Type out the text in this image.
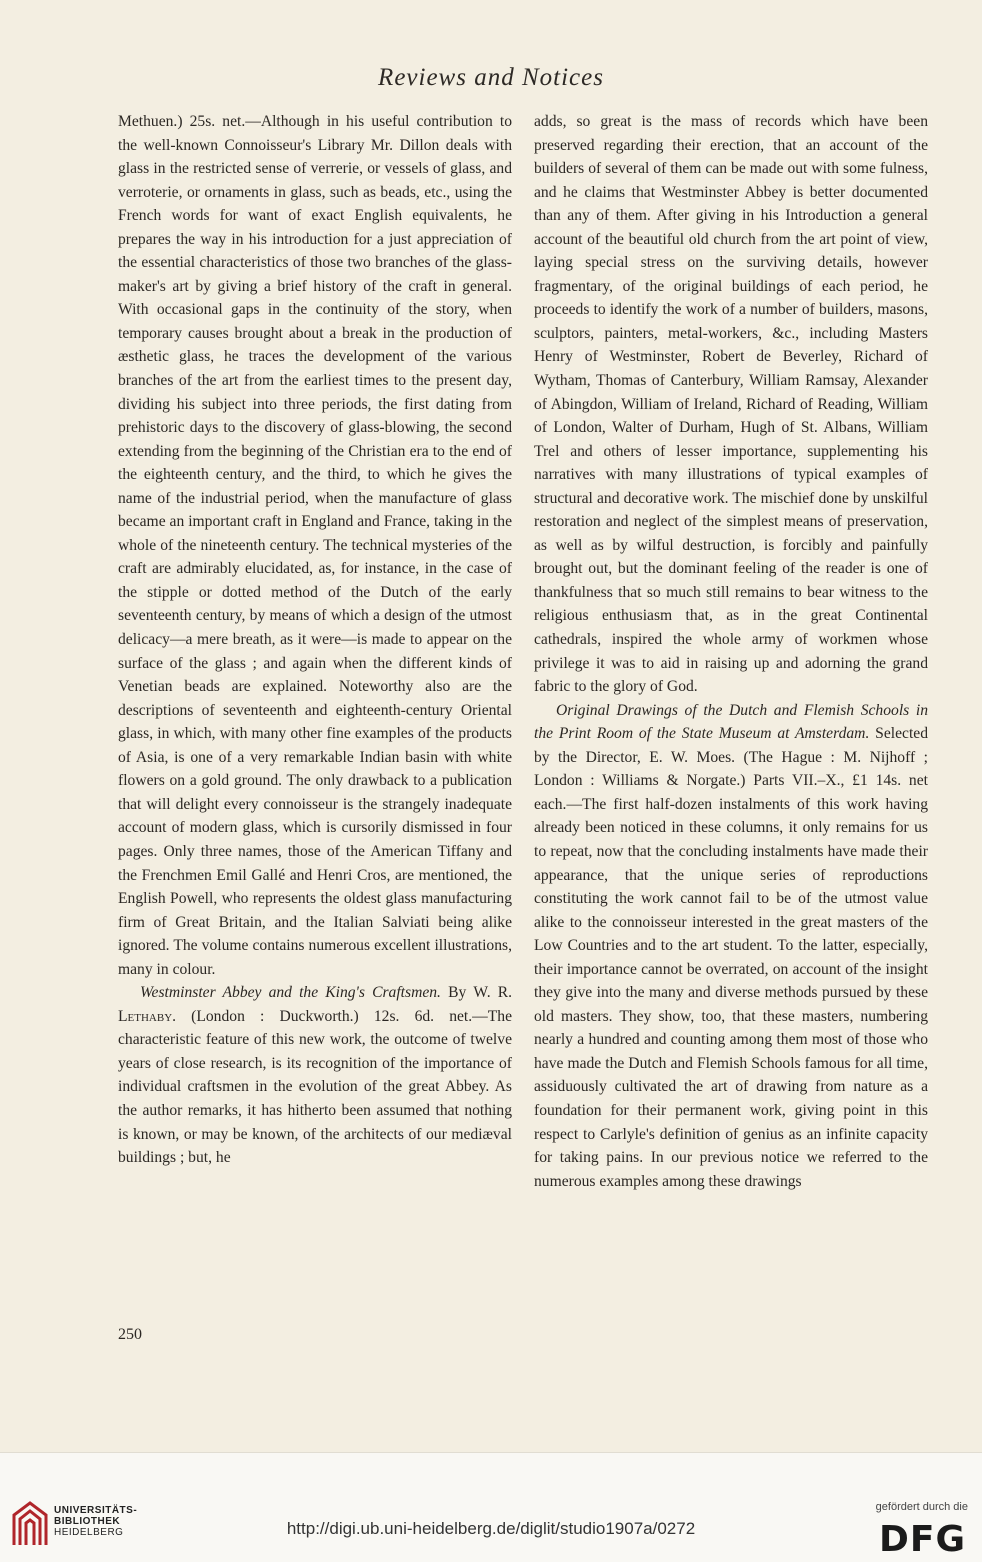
Reviews and Notices

Methuen.) 25s. net.—Although in his useful contribution to the well-known Connoisseur's Library Mr. Dillon deals with glass in the restricted sense of verrerie, or vessels of glass, and verroterie, or ornaments in glass, such as beads, etc., using the French words for want of exact English equivalents, he prepares the way in his introduction for a just appreciation of the essential characteristics of those two branches of the glass-maker's art by giving a brief history of the craft in general. With occasional gaps in the continuity of the story, when temporary causes brought about a break in the production of æsthetic glass, he traces the development of the various branches of the art from the earliest times to the present day, dividing his subject into three periods, the first dating from prehistoric days to the discovery of glass-blowing, the second extending from the beginning of the Christian era to the end of the eighteenth century, and the third, to which he gives the name of the industrial period, when the manufacture of glass became an important craft in England and France, taking in the whole of the nineteenth century. The technical mysteries of the craft are admirably elucidated, as, for instance, in the case of the stipple or dotted method of the Dutch of the early seventeenth century, by means of which a design of the utmost delicacy—a mere breath, as it were—is made to appear on the surface of the glass ; and again when the different kinds of Venetian beads are explained. Noteworthy also are the descriptions of seventeenth and eighteenth-century Oriental glass, in which, with many other fine examples of the products of Asia, is one of a very remarkable Indian basin with white flowers on a gold ground. The only drawback to a publication that will delight every connoisseur is the strangely inadequate account of modern glass, which is cursorily dismissed in four pages. Only three names, those of the American Tiffany and the Frenchmen Emil Gallé and Henri Cros, are mentioned, the English Powell, who represents the oldest glass manufacturing firm of Great Britain, and the Italian Salviati being alike ignored. The volume contains numerous excellent illustrations, many in colour.

Westminster Abbey and the King's Craftsmen. By W. R. Lethaby. (London : Duckworth.) 12s. 6d. net.—The characteristic feature of this new work, the outcome of twelve years of close research, is its recognition of the importance of individual craftsmen in the evolution of the great Abbey. As the author remarks, it has hitherto been assumed that nothing is known, or may be known, of the architects of our mediæval buildings ; but, he

adds, so great is the mass of records which have been preserved regarding their erection, that an account of the builders of several of them can be made out with some fulness, and he claims that Westminster Abbey is better documented than any of them. After giving in his Introduction a general account of the beautiful old church from the art point of view, laying special stress on the surviving details, however fragmentary, of the original buildings of each period, he proceeds to identify the work of a number of builders, masons, sculptors, painters, metal-workers, &c., including Masters Henry of Westminster, Robert de Beverley, Richard of Wytham, Thomas of Canterbury, William Ramsay, Alexander of Abingdon, William of Ireland, Richard of Reading, William of London, Walter of Durham, Hugh of St. Albans, William Trel and others of lesser importance, supplementing his narratives with many illustrations of typical examples of structural and decorative work. The mischief done by unskilful restoration and neglect of the simplest means of preservation, as well as by wilful destruction, is forcibly and painfully brought out, but the dominant feeling of the reader is one of thankfulness that so much still remains to bear witness to the religious enthusiasm that, as in the great Continental cathedrals, inspired the whole army of workmen whose privilege it was to aid in raising up and adorning the grand fabric to the glory of God.

Original Drawings of the Dutch and Flemish Schools in the Print Room of the State Museum at Amsterdam. Selected by the Director, E. W. Moes. (The Hague : M. Nijhoff ; London : Williams & Norgate.) Parts VII.–X., £1 14s. net each.—The first half-dozen instalments of this work having already been noticed in these columns, it only remains for us to repeat, now that the concluding instalments have made their appearance, that the unique series of reproductions constituting the work cannot fail to be of the utmost value alike to the connoisseur interested in the great masters of the Low Countries and to the art student. To the latter, especially, their importance cannot be overrated, on account of the insight they give into the many and diverse methods pursued by these old masters. They show, too, that these masters, numbering nearly a hundred and counting among them most of those who have made the Dutch and Flemish Schools famous for all time, assiduously cultivated the art of drawing from nature as a foundation for their permanent work, giving point in this respect to Carlyle's definition of genius as an infinite capacity for taking pains. In our previous notice we referred to the numerous examples among these drawings

250
UNIVERSITÄTS-
BIBLIOTHEK
HEIDELBERG	http://digi.ub.uni-heidelberg.de/diglit/studio1907a/0272
gefördert durch die
DFG
